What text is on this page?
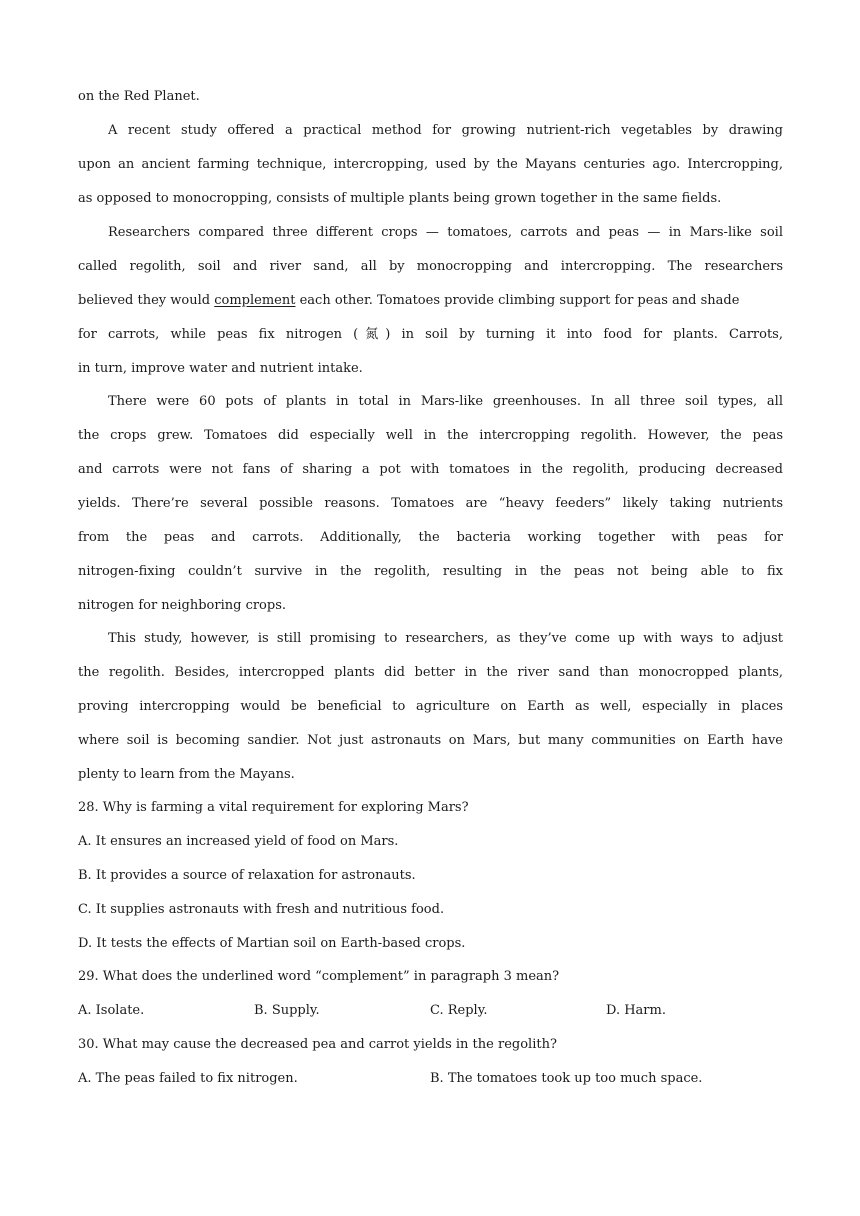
on the Red Planet.
A recent study offered a practical method for growing nutrient-rich vegetables by drawing
upon an ancient farming technique, intercropping, used by the Mayans centuries ago. Intercropping,
as opposed to monocropping, consists of multiple plants being grown together in the same fields.
Researchers compared three different crops — tomatoes, carrots and peas — in Mars-like soil
called regolith, soil and river sand, all by monocropping and intercropping. The researchers
believed they would complement each other. Tomatoes provide climbing support for peas and shade
for carrots, while peas fix nitrogen (氮) in soil by turning it into food for plants. Carrots,
in turn, improve water and nutrient intake.
There were 60 pots of plants in total in Mars-like greenhouses. In all three soil types, all
the crops grew. Tomatoes did especially well in the intercropping regolith. However, the peas
and carrots were not fans of sharing a pot with tomatoes in the regolith, producing decreased
yields. There’re several possible reasons. Tomatoes are “heavy feeders” likely taking nutrients
from the peas and carrots. Additionally, the bacteria working together with peas for
nitrogen-fixing couldn’t survive in the regolith, resulting in the peas not being able to fix
nitrogen for neighboring crops.
This study, however, is still promising to researchers, as they’ve come up with ways to adjust
the regolith. Besides, intercropped plants did better in the river sand than monocropped plants,
proving intercropping would be beneficial to agriculture on Earth as well, especially in places
where soil is becoming sandier. Not just astronauts on Mars, but many communities on Earth have
plenty to learn from the Mayans.
28. Why is farming a vital requirement for exploring Mars?
A. It ensures an increased yield of food on Mars.
B. It provides a source of relaxation for astronauts.
C. It supplies astronauts with fresh and nutritious food.
D. It tests the effects of Martian soil on Earth-based crops.
29. What does the underlined word “complement” in paragraph 3 mean?
A. Isolate.	B. Supply.	C. Reply.	D. Harm.
30. What may cause the decreased pea and carrot yields in the regolith?
A. The peas failed to fix nitrogen.	B. The tomatoes took up too much space.
